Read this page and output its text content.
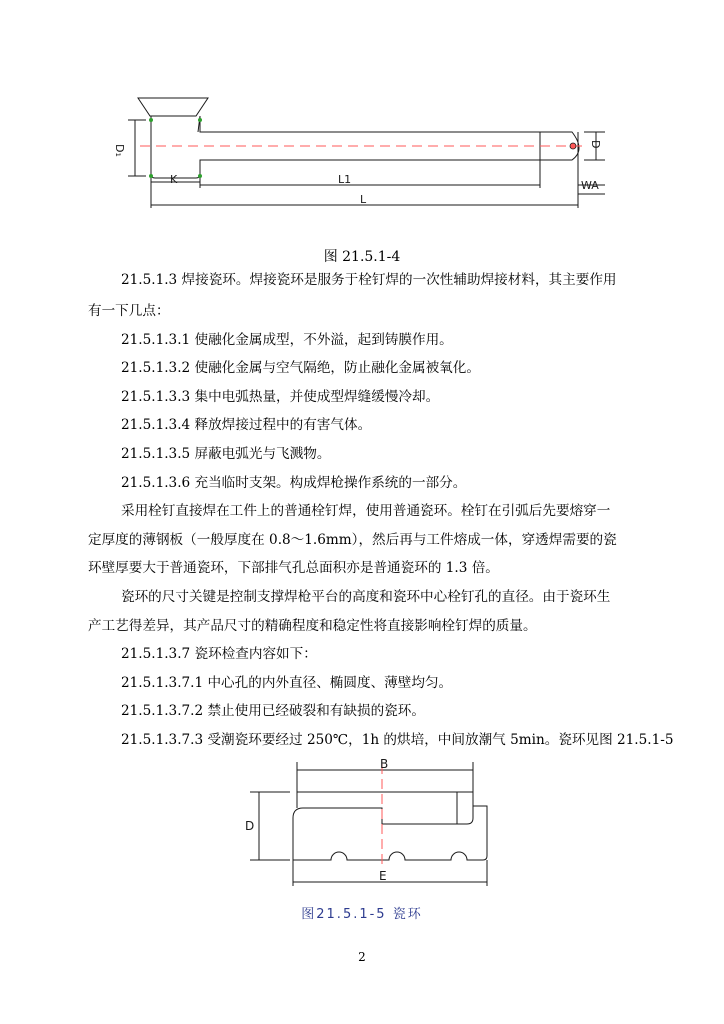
D₁	D
K	L1
L
WA
图 21.5.1-4
21.5.1.3 焊接瓷环。焊接瓷环是服务于栓钉焊的一次性辅助焊接材料，其主要作用
有一下几点：
21.5.1.3.1 使融化金属成型，不外溢，起到铸膜作用。
21.5.1.3.2 使融化金属与空气隔绝，防止融化金属被氧化。
21.5.1.3.3 集中电弧热量，并使成型焊缝缓慢冷却。
21.5.1.3.4 释放焊接过程中的有害气体。
21.5.1.3.5 屏蔽电弧光与飞溅物。
21.5.1.3.6 充当临时支架。构成焊枪操作系统的一部分。
采用栓钉直接焊在工件上的普通栓钉焊，使用普通瓷环。栓钉在引弧后先要熔穿一
定厚度的薄钢板（一般厚度在 0.8～1.6mm），然后再与工件熔成一体，穿透焊需要的瓷
环壁厚要大于普通瓷环，下部排气孔总面积亦是普通瓷环的 1.3 倍。
瓷环的尺寸关键是控制支撑焊枪平台的高度和瓷环中心栓钉孔的直径。由于瓷环生
产工艺得差异，其产品尺寸的精确程度和稳定性将直接影响栓钉焊的质量。
21.5.1.3.7 瓷环检查内容如下：
21.5.1.3.7.1 中心孔的内外直径、椭圆度、薄壁均匀。
21.5.1.3.7.2 禁止使用已经破裂和有缺损的瓷环。
21.5.1.3.7.3 受潮瓷环要经过 250℃，1h 的烘培，中间放潮气 5min。瓷环见图 21.5.1-5
B
D
E
图21.5.1-5 瓷环
2
